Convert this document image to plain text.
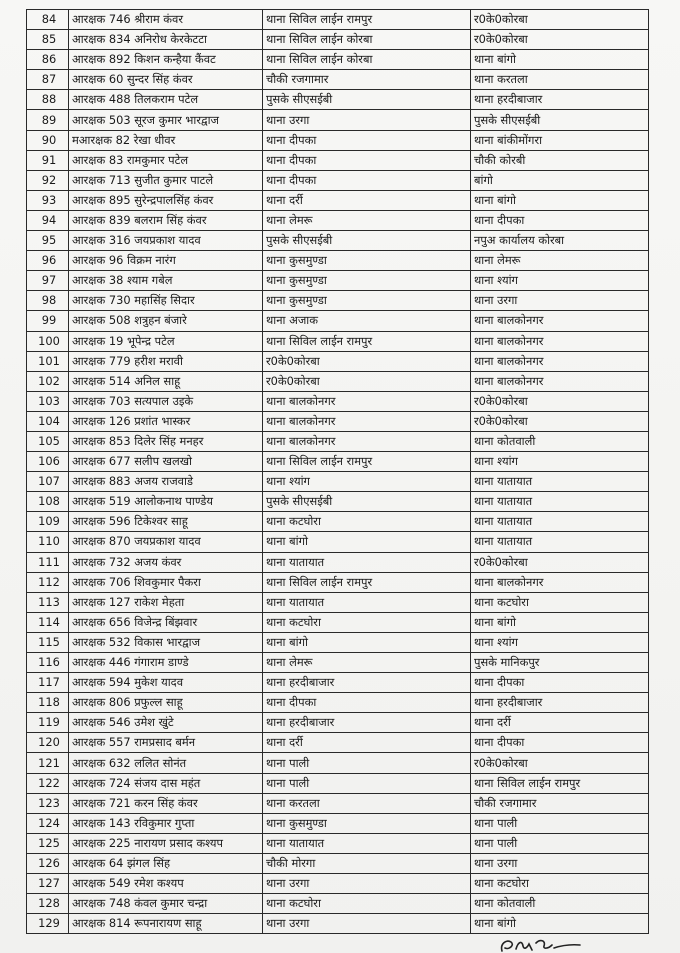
84	आरक्षक 746 श्रीराम कंवर	थाना सिविल लाईन रामपुर	र0के0कोरबा
85	आरक्षक 834 अनिरोध केरकेटटा	थाना सिविल लाईन कोरबा	र0के0कोरबा
86	आरक्षक 892 किशन कन्हैया कैंवट	थाना सिविल लाईन कोरबा	थाना बांगो
87	आरक्षक 60 सुन्दर सिंह कंवर	चौकी रजगामार	थाना करतला
88	आरक्षक 488 तिलकराम पटेल	पुसके सीएसईबी	थाना हरदीबाजार
89	आरक्षक 503 सूरज कुमार भारद्वाज	थाना उरगा	पुसके सीएसईबी
90	मआरक्षक 82 रेखा धीवर	थाना दीपका	थाना बांकीमोंगरा
91	आरक्षक 83 रामकुमार पटेल	थाना दीपका	चौकी कोरबी
92	आरक्षक 713 सुजीत कुमार पाटले	थाना दीपका	बांगो
93	आरक्षक 895 सुरेन्द्रपालसिंह कंवर	थाना दर्री	थाना बांगो
94	आरक्षक 839 बलराम सिंह कंवर	थाना लेमरू	थाना दीपका
95	आरक्षक 316 जयप्रकाश यादव	पुसके सीएसईबी	नपुअ कार्यालय कोरबा
96	आरक्षक 96 विक्रम नारंग	थाना कुसमुण्डा	थाना लेमरू
97	आरक्षक 38 श्याम गबेल	थाना कुसमुण्डा	थाना श्यांग
98	आरक्षक 730 महासिंह सिदार	थाना कुसमुण्डा	थाना उरगा
99	आरक्षक 508 शत्रुहन बंजारे	थाना अजाक	थाना बालकोनगर
100	आरक्षक 19 भूपेन्द्र पटेल	थाना सिविल लाईन रामपुर	थाना बालकोनगर
101	आरक्षक 779 हरीश मरावी	र0के0कोरबा	थाना बालकोनगर
102	आरक्षक 514 अनिल साहू	र0के0कोरबा	थाना बालकोनगर
103	आरक्षक 703 सत्यपाल उइके	थाना बालकोनगर	र0के0कोरबा
104	आरक्षक 126 प्रशांत भास्कर	थाना बालकोनगर	र0के0कोरबा
105	आरक्षक 853 दिलेर सिंह मनहर	थाना बालकोनगर	थाना कोतवाली
106	आरक्षक 677 सलीप खलखो	थाना सिविल लाईन रामपुर	थाना श्यांग
107	आरक्षक 883 अजय राजवाडे	थाना श्यांग	थाना यातायात
108	आरक्षक 519 आलोकनाथ पाण्डेय	पुसके सीएसईबी	थाना यातायात
109	आरक्षक 596 टिकेश्वर साहू	थाना कटघोरा	थाना यातायात
110	आरक्षक 870 जयप्रकाश यादव	थाना बांगो	थाना यातायात
111	आरक्षक 732 अजय कंवर	थाना यातायात	र0के0कोरबा
112	आरक्षक 706 शिवकुमार पैकरा	थाना सिविल लाईन रामपुर	थाना बालकोनगर
113	आरक्षक 127 राकेश मेहता	थाना यातायात	थाना कटघोरा
114	आरक्षक 656 विजेन्द्र बिंझवार	थाना कटघोरा	थाना बांगो
115	आरक्षक 532 विकास भारद्वाज	थाना बांगो	थाना श्यांग
116	आरक्षक 446 गंगाराम डाण्डे	थाना लेमरू	पुसके मानिकपुर
117	आरक्षक 594 मुकेश यादव	थाना हरदीबाजार	थाना दीपका
118	आरक्षक 806 प्रफुल्ल साहू	थाना दीपका	थाना हरदीबाजार
119	आरक्षक 546 उमेश खुंटे	थाना हरदीबाजार	थाना दर्री
120	आरक्षक 557 रामप्रसाद बर्मन	थाना दर्री	थाना दीपका
121	आरक्षक 632 ललित सोनंत	थाना पाली	र0के0कोरबा
122	आरक्षक 724 संजय दास महंत	थाना पाली	थाना सिविल लाईन रामपुर
123	आरक्षक 721 करन सिंह कंवर	थाना करतला	चौकी रजगामार
124	आरक्षक 143 रविकुमार गुप्ता	थाना कुसमुण्डा	थाना पाली
125	आरक्षक 225 नारायण प्रसाद कश्यप	थाना यातायात	थाना पाली
126	आरक्षक 64 झंगल सिंह	चौकी मोरगा	थाना उरगा
127	आरक्षक 549 रमेश कश्यप	थाना उरगा	थाना कटघोरा
128	आरक्षक 748 कंवल कुमार चन्द्रा	थाना कटघोरा	थाना कोतवाली
129	आरक्षक 814 रूपनारायण साहू	थाना उरगा	थाना बांगो
